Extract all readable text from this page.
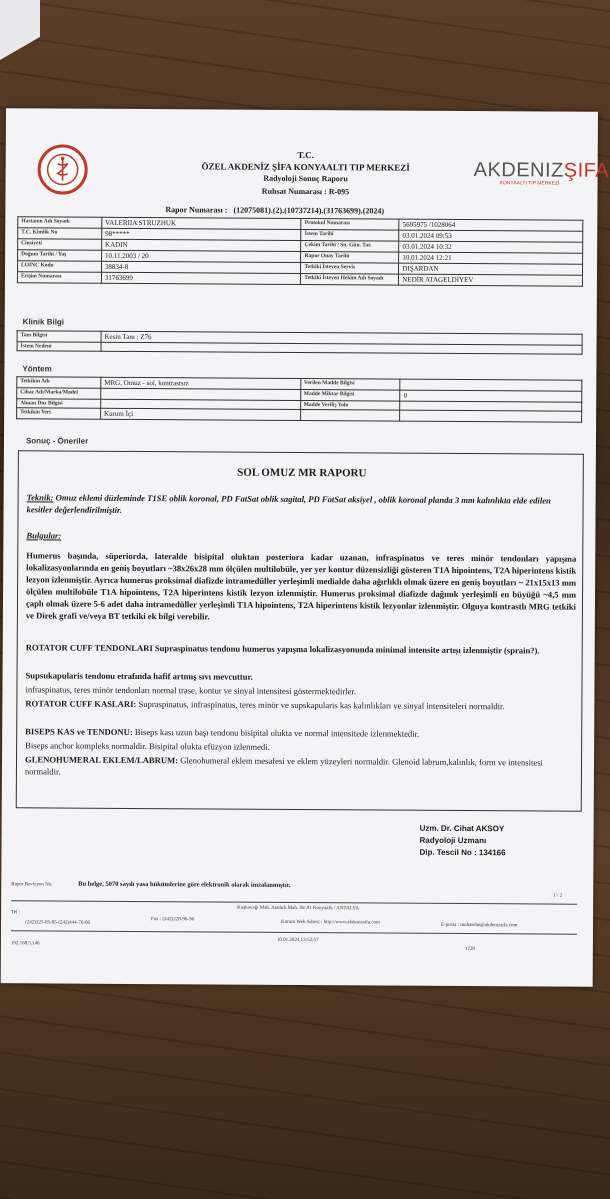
T.C.
ÖZEL AKDENİZ ŞİFA KONYAALTI TIP MERKEZİ
Radyoloji Sonuç Raporu
Ruhsat Numarası : R-095
AKDENIZŞIFA
KONYAALTI TIP MERKEZİ
Rapor Numarası : (12075081).(2).(10737214).(31763699).(2024)
Hastanın Adı Soyadı	VALERIIA STRUZHUK	Protokol Numarası	5695975 /1028064
T.C. Kimlik No	98*****	İstem Tarihi	03.01.2024 09:53
Cinsiyeti	KADIN	Çekim Tarihi / Sn. Gün. Tar.	03.01.2024 10:32
Doğum Tarihi / Yaş	10.11.2003 / 20	Rapor Onay Tarihi	10.01.2024 12:21
LOINC Kodu	38834-8	Tetkiki İsteyen Servis	DIŞARDAN
Erişim Numarası	31763699	Tetkiki İsteyen Hekim Adı Soyadı	NEDİR ATAGELDİYEV
Klinik Bilgi
Tanı Bilgisi	Kesin Tanı : Z76
İstem Nedeni	
Yöntem
Tetkikin Adı	MRG, Omuz - sol, kontrastsız	Verilen Madde Bilgisi	
Cihaz Adı/Marka/Model		Madde Miktar Bilgisi	0
Alınan Doz Bilgisi		Madde Veriliş Yolu	
Tetkikin Yeri	Kurum İçi		
Sonuç - Öneriler
SOL OMUZ MR RAPORU
Teknik: Omuz eklemi düzleminde T1SE oblik koronal, PD FatSat oblik sagital, PD FatSat aksiyel , oblik koronal planda 3 mm kalınlıkta elde edilen kesitler değerlendirilmiştir.
Bulgular:
Humerus başında, süperiorda, lateralde bisipital oluktan posteriora kadar uzanan, infraspinatus ve teres minör tendonları yapışma lokalizasyonlarında en geniş boyutları ~38x26x28 mm ölçülen multilobüle, yer yer kontur düzensizliği gösteren T1A hipointens, T2A hiperintens kistik lezyon izlenmiştir. Ayrıca humerus proksimal diafizde intramedüller yerleşimli medialde daha ağırlıklı olmak üzere en geniş boyutları ~ 21x15x13 mm ölçülen multilobüle T1A hipointens, T2A hiperintens kistik lezyon izlenmiştir. Humerus proksimal diafizde dağınık yerleşimli en büyüğü ~4,5 mm çaplı olmak üzere 5-6 adet daha intramedüller yerleşimli T1A hipointens, T2A hiperintens kistik lezyonlar izlenmiştir. Olguya kontrastlı MRG tetkiki ve Direk grafi ve/veya BT tetkiki ek bilgi verebilir.
ROTATOR CUFF TENDONLARI Supraspinatus tendonu humerus yapışma lokalizasyonunda minimal intensite artışı izlenmiştir (sprain?).
Supsukapularis tendonu etrafında hafif artmış sıvı mevcuttur.
infraspinatus, teres minör tendonları normal trase, kontur ve sinyal intensitesi göstermektedirler.
ROTATOR CUFF KASLARI: Supraspinatus, infraspinatus, teres minör ve supskapularis kas kalınlıkları ve sinyal intensiteleri normaldir.
BISEPS KAS ve TENDONU: Biseps kası uzun başı tendonu bisipital olukta ve normal intensitede izlenmektedir.
Biseps anchor kompleks normaldir. Bisipital olukta efüzyon izlenmedi.
GLENOHUMERAL EKLEM/LABRUM: Glenohumeral eklem mesafesi ve eklem yüzeyleri normaldir. Glenoid labrum,kalınlık, form ve intensitesi normaldir.
Uzm. Dr. Cihat AKSOY
Radyoloji Uzmanı
Dip. Tescil No : 134166
Rapor Revizyon No:	Bu belge, 5070 sayılı yasa hükümlerine göre elektronik olarak imzalanmıştır.
1 / 2
Kuşkavağı Mah. Atatürk Mah. No 81 Konyaaltı / ANTALYA
Tel :
(242)325-05-05-(242)444-76-06
Fax : (242)228-96-96
Kurum Web Adresi : http://www.akdenizsifa.com	E-posta : muhasebe@akdenizsifa.com
192.168.5.146
10.01.2024 13:52:57
1728
